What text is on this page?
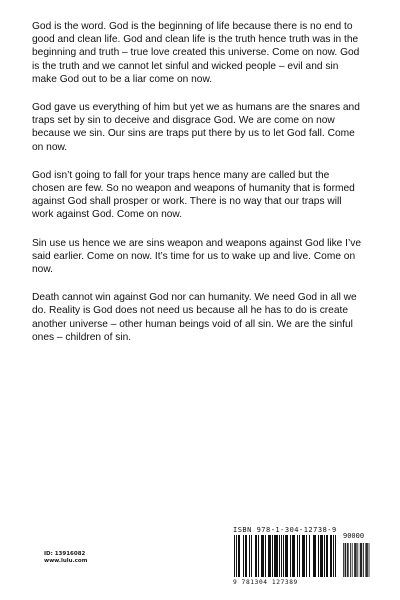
God is the word. God is the beginning of life because there is no end to good and clean life. God and clean life is the truth hence truth was in the beginning and truth – true love created this universe. Come on now. God is the truth and we cannot let sinful and wicked people – evil and sin make God out to be a liar come on now.

God gave us everything of him but yet we as humans are the snares and traps set by sin to deceive and disgrace God. We are come on now because we sin. Our sins are traps put there by us to let God fall. Come on now.

God isn’t going to fall for your traps hence many are called but the chosen are few. So no weapon and weapons of humanity that is formed against God shall prosper or work. There is no way that our traps will work against God. Come on now.

Sin use us hence we are sins weapon and weapons against God like I’ve said earlier. Come on now. It’s time for us to wake up and live. Come on now.

Death cannot win against God nor can humanity. We need God in all we do. Reality is God does not need us because all he has to do is create another universe – other human beings void of all sin. We are the sinful ones – children of sin.

ID: 13916082
www.lulu.com
ISBN 978-1-304-12738-9
90000
9 781304 127389
